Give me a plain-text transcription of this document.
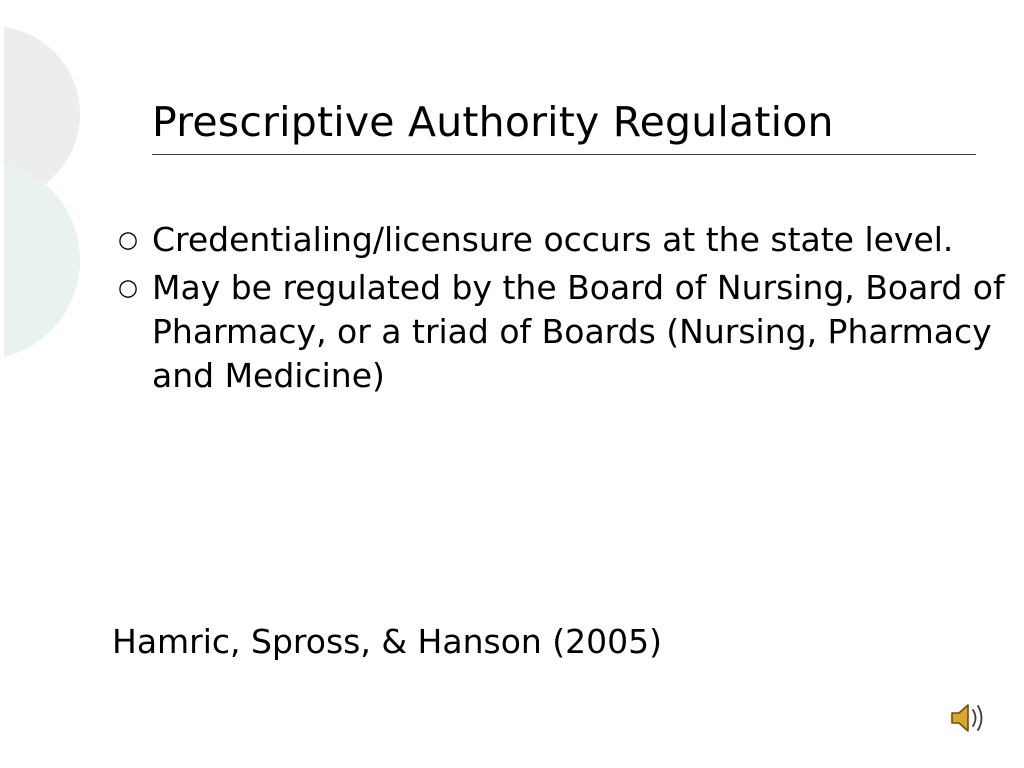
Prescriptive Authority Regulation
○ Credentialing/licensure occurs at the state level.
○ May be regulated by the Board of Nursing, Board of Pharmacy, or a triad of Boards (Nursing, Pharmacy and Medicine)
Hamric, Spross, & Hanson (2005)
